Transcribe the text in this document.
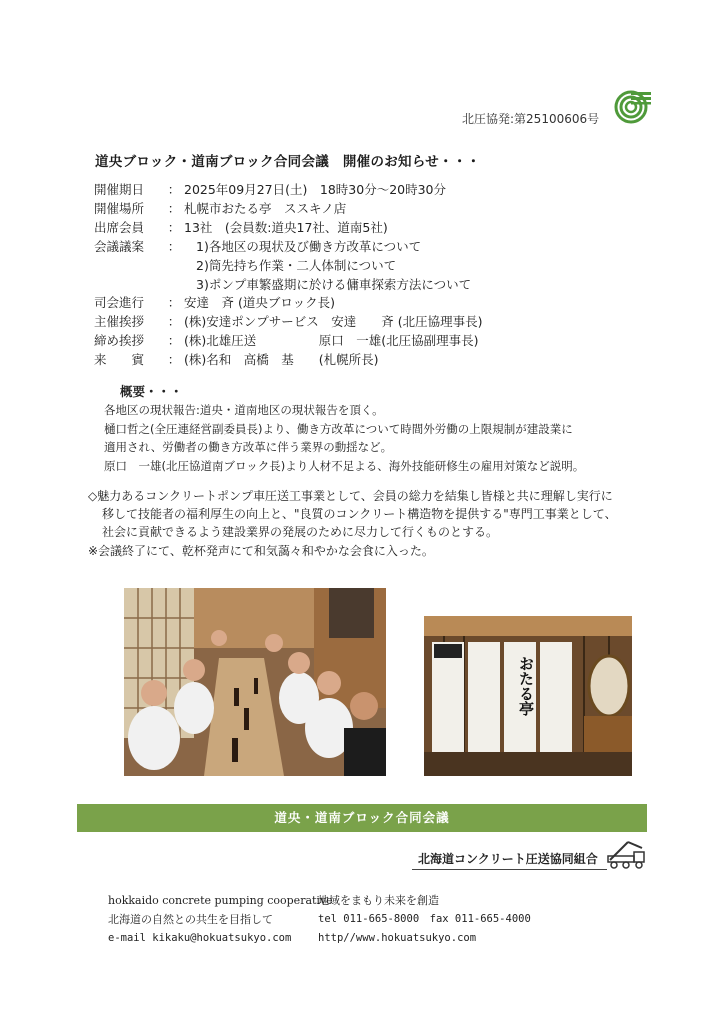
北圧協発:第25100606号
道央ブロック・道南ブロック合同会議　開催のお知らせ・・・
開催期日	： 2025年09月27日(土)　18時30分～20時30分
開催場所	： 札幌市おたる亭　ススキノ店
出席会員	： 13社　(会員数:道央17社、道南5社)
会議議案	：	1)各地区の現状及び働き方改革について
2)筒先持ち作業・二人体制について
3)ポンプ車繁盛期に於ける傭車探索方法について
司会進行	： 安達　斉 (道央ブロック長)
主催挨拶	： (株)安達ポンプサービス　安達　　斉 (北圧協理事長)
締め挨拶	： (株)北雄圧送　　　　　原口　一雄(北圧協副理事長)
来　　賓	： (株)名和　高橋　基　　(札幌所長)
概要・・・
各地区の現状報告:道央・道南地区の現状報告を頂く。
樋口哲之(全圧連経営副委員長)より、働き方改革について時間外労働の上限規制が建設業に
適用され、労働者の働き方改革に伴う業界の動揺など。
原口　一雄(北圧協道南ブロック長)より人材不足よる、海外技能研修生の雇用対策など説明。

◇魅力あるコンクリートポンプ車圧送工事業として、会員の総力を結集し皆様と共に理解し実行に

移して技能者の福利厚生の向上と、"良質のコンクリート構造物を提供する"専門工事業として、

社会に貢献できるよう建設業界の発展のために尽力して行くものとする。

※会議終了にて、乾杯発声にて和気藹々和やかな会食に入った。

おたる亭
道央・道南ブロック合同会議
北海道コンクリート圧送協同組合
hokkaido concrete pumping cooperative
地域をまもり未来を創造
北海道の自然との共生を目指して	tel 011-665-8000　fax 011-665-4000
e-mail kikaku@hokuatsukyo.com	http//www.hokuatsukyo.com
